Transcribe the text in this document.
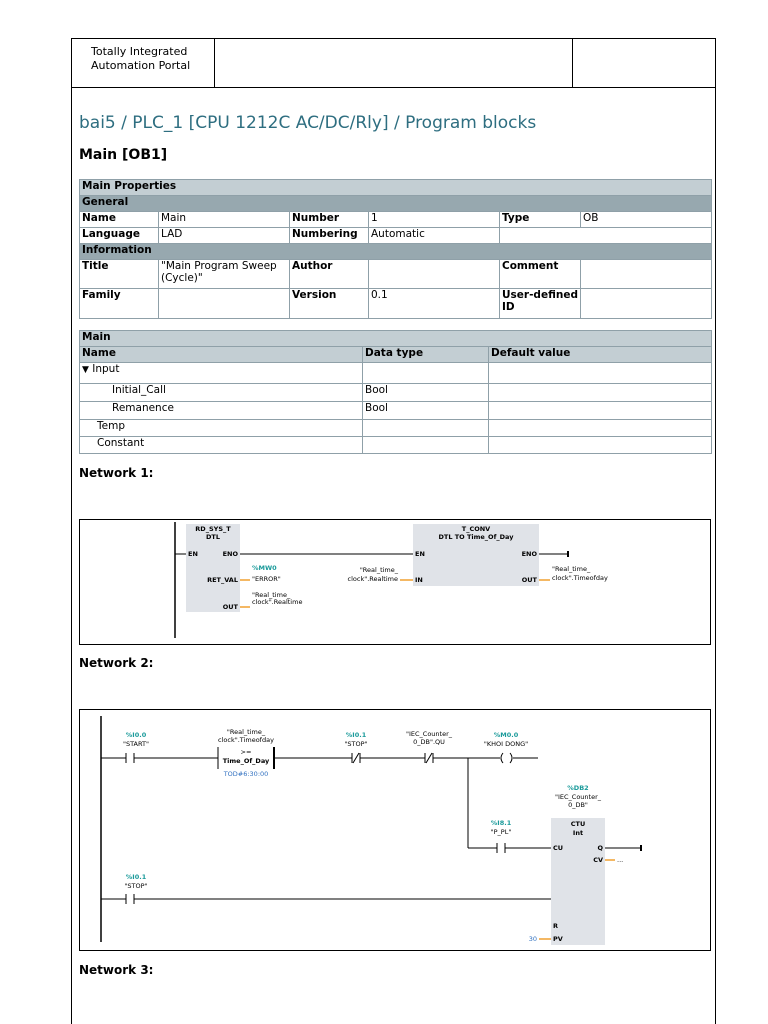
Totally Integrated
Automation Portal
bai5 / PLC_1 [CPU 1212C AC/DC/Rly] / Program blocks
Main [OB1]
Main Properties					
General					
Name	Main	Number	1	Type	OB
Language	LAD	Numbering	Automatic		
Information					
Title	"Main Program Sweep (Cycle)"	Author		Comment	
Family		Version	0.1	User-defined ID	
Main		
Name	Data type	Default value
▼ Input		
Initial_Call	Bool	
Remanence	Bool	
Temp		
Constant		
Network 1:
RD_SYS_T
DTL
EN	ENO
RET_VAL
%MW0
"ERROR"
OUT
"Real_time_
clock".Realtime
T_CONV
DTL TO Time_Of_Day
EN	ENO
IN
"Real_time_
clock".Realtime	OUT
"Real_time_
clock".Timeofday
Network 2:
%I0.0
"START"
"Real_time_
clock".Timeofday
>=
Time_Of_Day
TOD#6:30:00
%I0.1
"STOP"
"IEC_Counter_
0_DB".QU
%M0.0
"KHOI DONG"
%I8.1
"P_PL"
%DB2
"IEC_Counter_
0_DB"
CTU
Int
CU	Q
CV ...
R
PV
30
%I0.1
"STOP"
Network 3:
